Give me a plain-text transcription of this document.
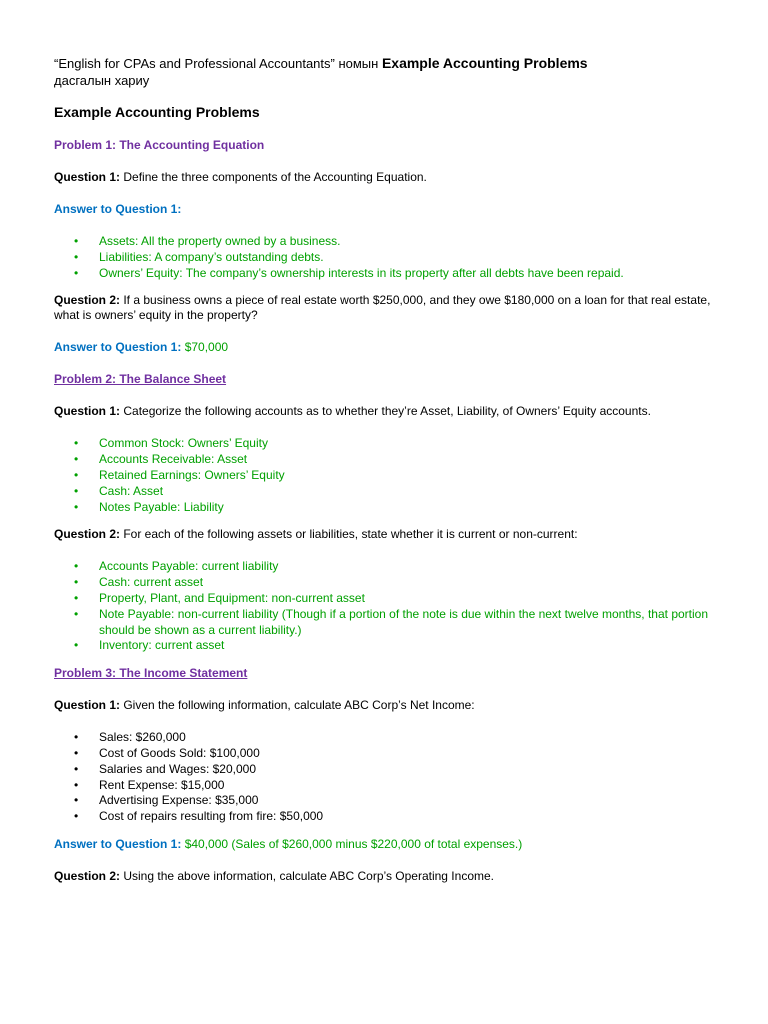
“English for CPAs and Professional Accountants” номын Example Accounting Problems
дасгалын хариу
Example Accounting Problems
Problem 1: The Accounting Equation
Question 1: Define the three components of the Accounting Equation.
Answer to Question 1:
• Assets: All the property owned by a business.
• Liabilities: A company’s outstanding debts.
• Owners’ Equity: The company’s ownership interests in its property after all debts have been repaid.
Question 2: If a business owns a piece of real estate worth $250,000, and they owe $180,000 on a loan for that real estate, what is owners’ equity in the property?
Answer to Question 1: $70,000
Problem 2: The Balance Sheet
Question 1: Categorize the following accounts as to whether they’re Asset, Liability, of Owners’ Equity accounts.
• Common Stock: Owners’ Equity
• Accounts Receivable: Asset
• Retained Earnings: Owners’ Equity
• Cash: Asset
• Notes Payable: Liability
Question 2: For each of the following assets or liabilities, state whether it is current or non-current:
• Accounts Payable: current liability
• Cash: current asset
• Property, Plant, and Equipment: non-current asset
• Note Payable: non-current liability (Though if a portion of the note is due within the next twelve months, that portion should be shown as a current liability.)
• Inventory: current asset
Problem 3: The Income Statement
Question 1: Given the following information, calculate ABC Corp’s Net Income:
• Sales: $260,000
• Cost of Goods Sold: $100,000
• Salaries and Wages: $20,000
• Rent Expense: $15,000
• Advertising Expense: $35,000
• Cost of repairs resulting from fire: $50,000
Answer to Question 1: $40,000 (Sales of $260,000 minus $220,000 of total expenses.)
Question 2: Using the above information, calculate ABC Corp’s Operating Income.
